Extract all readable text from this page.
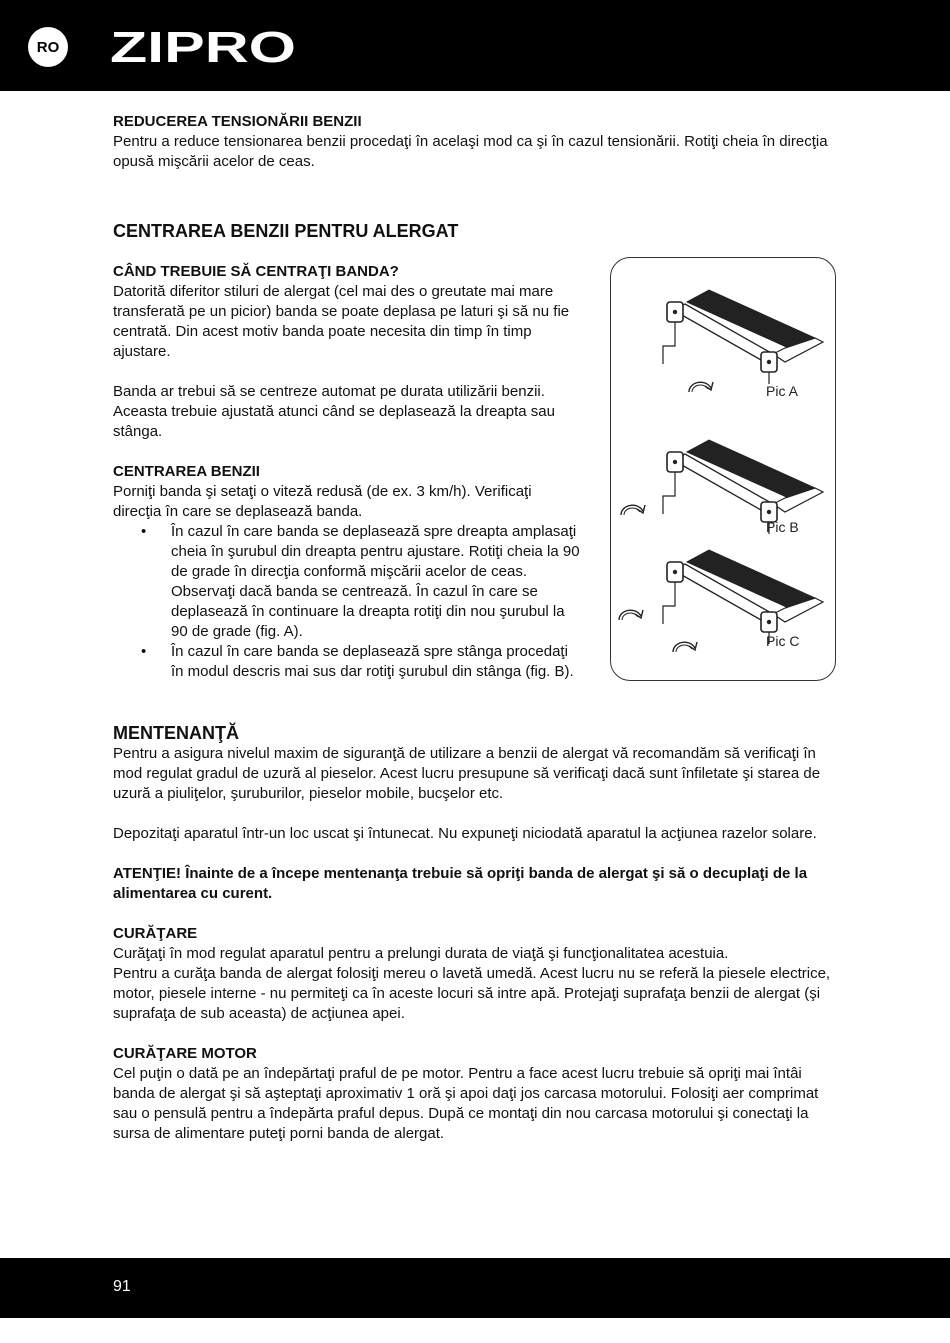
RO ZIPRO

REDUCEREA TENSIONĂRII BENZII

Pentru a reduce tensionarea benzii procedaţi în acelaşi mod ca şi în cazul tensionării. Rotiţi cheia în direcţia opusă mişcării acelor de ceas.

CENTRAREA BENZII PENTRU ALERGAT

CÂND TREBUIE SĂ CENTRAŢI BANDA?

Datorită diferitor stiluri de alergat (cel mai des o greutate mai mare transferată pe un picior) banda se poate deplasa pe laturi şi să nu fie centrată. Din acest motiv banda poate necesita din timp în timp ajustare.

Banda ar trebui să se centreze automat pe durata utilizării benzii. Aceasta trebuie ajustată atunci când se deplasează la dreapta sau stânga.

CENTRAREA BENZII

Porniţi banda şi setaţi o viteză redusă (de ex. 3 km/h). Verificaţi direcţia în care se deplasează banda.

• În cazul în care banda se deplasează spre dreapta amplasaţi cheia în şurubul din dreapta pentru ajustare. Rotiţi cheia la 90 de grade în direcţia conformă mişcării acelor de ceas. Observaţi dacă banda se centrează. În cazul în care se deplasează în continuare la dreapta rotiţi din nou şurubul la 90 de grade (fig. A).
• În cazul în care banda se deplasează spre stânga procedaţi în modul descris mai sus dar rotiţi şurubul din stânga (fig. B).

MENTENANŢĂ

Pentru a asigura nivelul maxim de siguranţă de utilizare a benzii de alergat vă recomandăm să verificaţi în mod regulat gradul de uzură al pieselor. Acest lucru presupune să verificaţi dacă sunt înfiletate şi starea de uzură a piuliţelor, şuruburilor, pieselor mobile, bucşelor etc.

Depozitaţi aparatul într-un loc uscat şi întunecat. Nu expuneţi niciodată aparatul la acţiunea razelor solare.

ATENŢIE! Înainte de a începe mentenanţa trebuie să opriţi banda de alergat şi să o decuplaţi de la alimentarea cu curent.

CURĂŢARE

Curăţaţi în mod regulat aparatul pentru a prelungi durata de viaţă şi funcţionalitatea acestuia.

Pentru a curăţa banda de alergat folosiţi mereu o lavetă umedă. Acest lucru nu se referă la piesele electrice, motor, piesele interne - nu permiteţi ca în aceste locuri să intre apă. Protejaţi suprafaţa benzii de alergat (şi suprafaţa de sub aceasta) de acţiunea apei.

CURĂŢARE MOTOR

Cel puţin o dată pe an îndepărtaţi praful de pe motor. Pentru a face acest lucru trebuie să opriţi mai întâi banda de alergat şi să aşteptaţi aproximativ 1 oră şi apoi daţi jos carcasa motorului. Folosiţi aer comprimat sau o pensulă pentru a îndepărta praful depus. După ce montaţi din nou carcasa motorului şi conectaţi la sursa de alimentare puteţi porni banda de alergat.

Pic A
Pic B
Pic C
91
